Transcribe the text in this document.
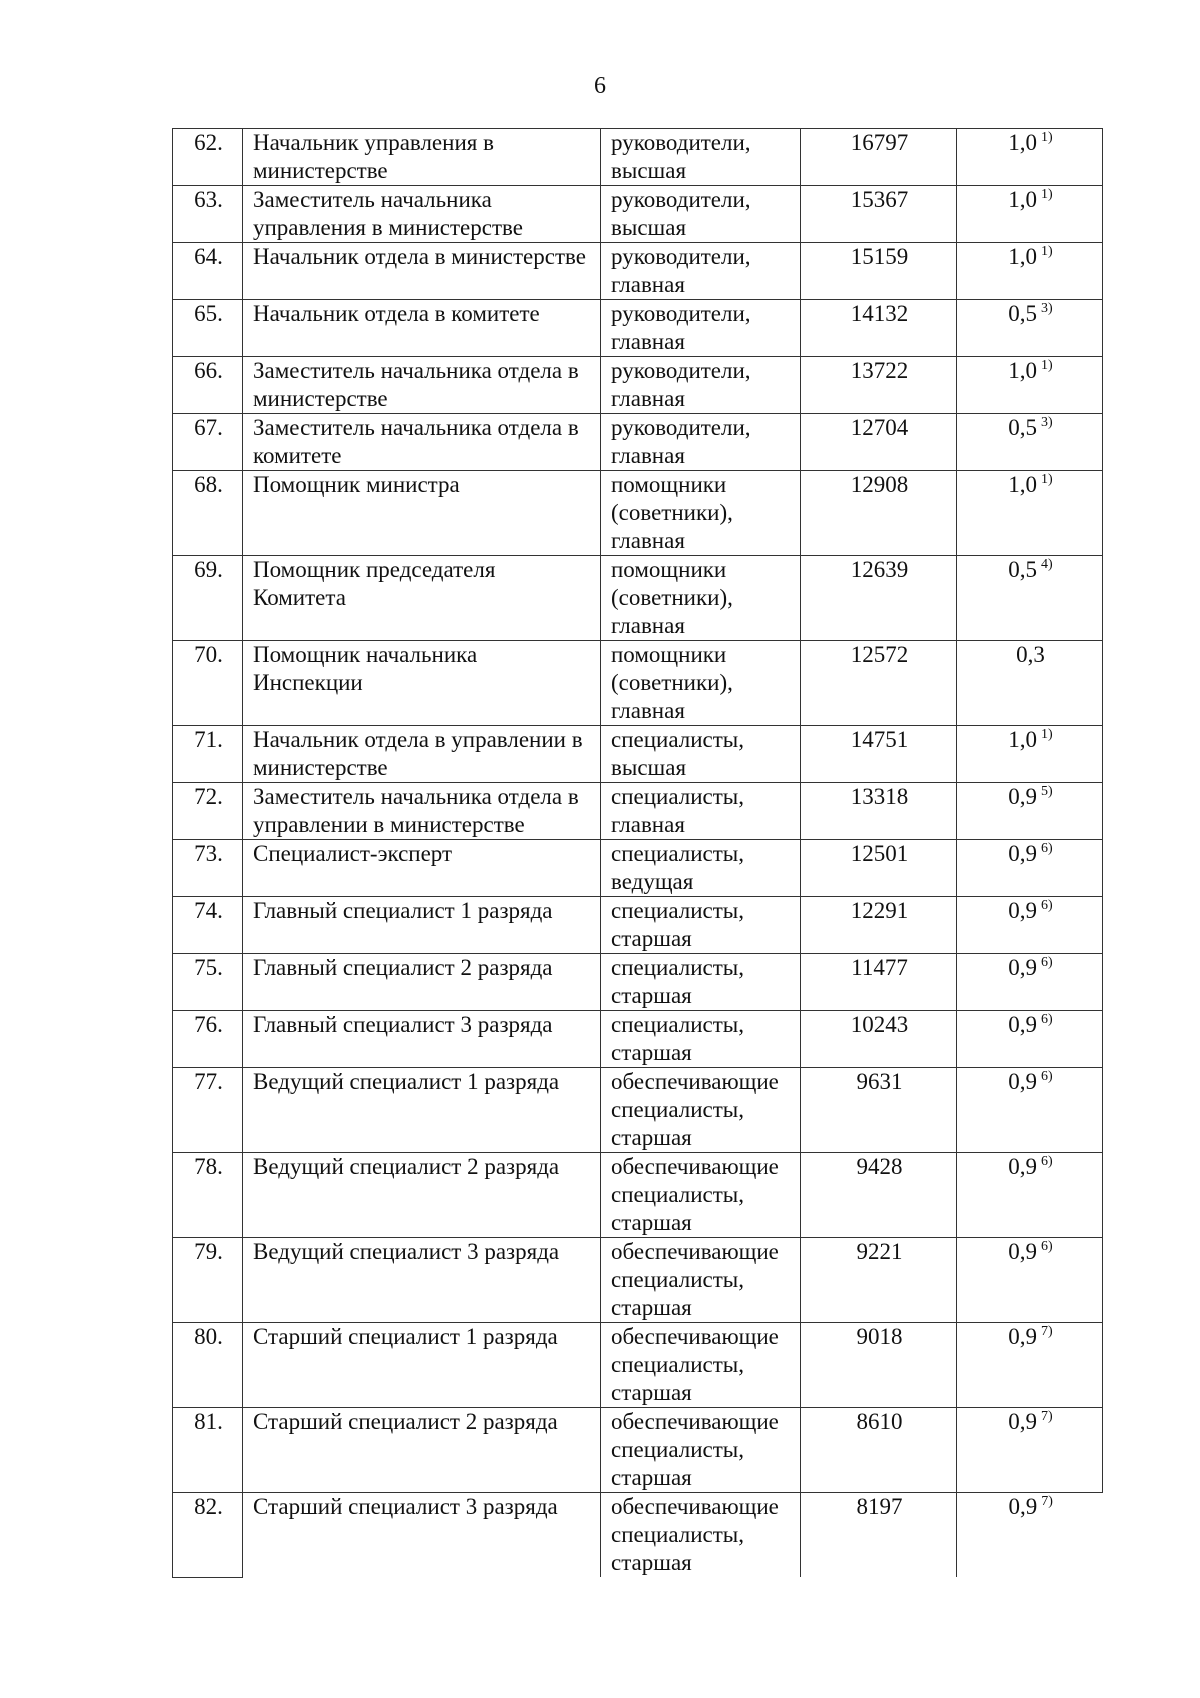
6
62.	Начальник управления в министерстве	руководители, высшая	16797	1,0 $^{1)}$
63.	Заместитель начальника управления в министерстве	руководители, высшая	15367	1,0 $^{1)}$
64.	Начальник отдела в министерстве	руководители, главная	15159	1,0 $^{1)}$
65.	Начальник отдела в комитете	руководители, главная	14132	0,5 $^{3)}$
66.	Заместитель начальника отдела в министерстве	руководители, главная	13722	1,0 $^{1)}$
67.	Заместитель начальника отдела в комитете	руководители, главная	12704	0,5 $^{3)}$
68.	Помощник министра	помощники (советники), главная	12908	1,0 $^{1)}$
69.	Помощник председателя Комитета	помощники (советники), главная	12639	0,5 $^{4)}$
70.	Помощник начальника Инспекции	помощники (советники), главная	12572	0,3
71.	Начальник отдела в управлении в министерстве	специалисты, высшая	14751	1,0 $^{1)}$
72.	Заместитель начальника отдела в управлении в министерстве	специалисты, главная	13318	0,9 $^{5)}$
73.	Специалист-эксперт	специалисты, ведущая	12501	0,9 $^{6)}$
74.	Главный специалист 1 разряда	специалисты, старшая	12291	0,9 $^{6)}$
75.	Главный специалист 2 разряда	специалисты, старшая	11477	0,9 $^{6)}$
76.	Главный специалист 3 разряда	специалисты, старшая	10243	0,9 $^{6)}$
77.	Ведущий специалист 1 разряда	обеспечивающие специалисты, старшая	9631	0,9 $^{6)}$
78.	Ведущий специалист 2 разряда	обеспечивающие специалисты, старшая	9428	0,9 $^{6)}$
79.	Ведущий специалист 3 разряда	обеспечивающие специалисты, старшая	9221	0,9 $^{6)}$
80.	Старший специалист 1 разряда	обеспечивающие специалисты, старшая	9018	0,9 $^{7)}$
81.	Старший специалист 2 разряда	обеспечивающие специалисты, старшая	8610	0,9 $^{7)}$
82.	Старший специалист 3 разряда	обеспечивающие специалисты, старшая	8197	0,9 $^{7)}$
